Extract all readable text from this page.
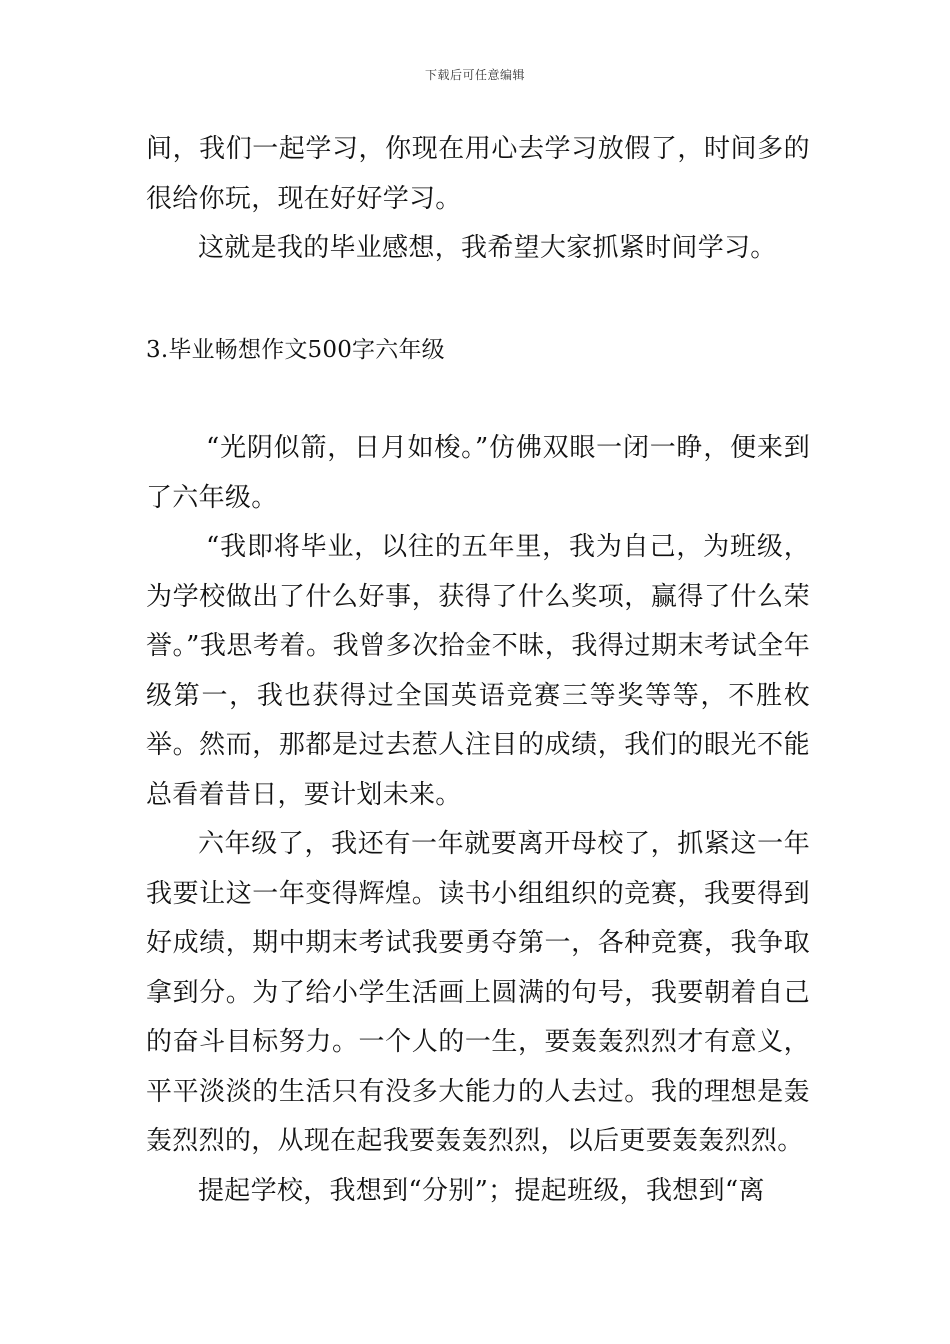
下载后可任意编辑

间，我们一起学习，你现在用心去学习放假了，时间多的很给你玩，现在好好学习。

这就是我的毕业感想，我希望大家抓紧时间学习。

3.毕业畅想作文500字六年级

“光阴似箭，日月如梭。”仿佛双眼一闭一睁，便来到了六年级。

“我即将毕业，以往的五年里，我为自己，为班级，为学校做出了什么好事，获得了什么奖项，赢得了什么荣誉。”我思考着。我曾多次拾金不昧，我得过期末考试全年级第一，我也获得过全国英语竞赛三等奖等等，不胜枚举。然而，那都是过去惹人注目的成绩，我们的眼光不能总看着昔日，要计划未来。

六年级了，我还有一年就要离开母校了，抓紧这一年我要让这一年变得辉煌。读书小组组织的竞赛，我要得到好成绩，期中期末考试我要勇夺第一，各种竞赛，我争取拿到分。为了给小学生活画上圆满的句号，我要朝着自己的奋斗目标努力。一个人的一生，要轰轰烈烈才有意义，平平淡淡的生活只有没多大能力的人去过。我的理想是轰轰烈烈的，从现在起我要轰轰烈烈，以后更要轰轰烈烈。

提起学校，我想到“分别”；提起班级，我想到“离
